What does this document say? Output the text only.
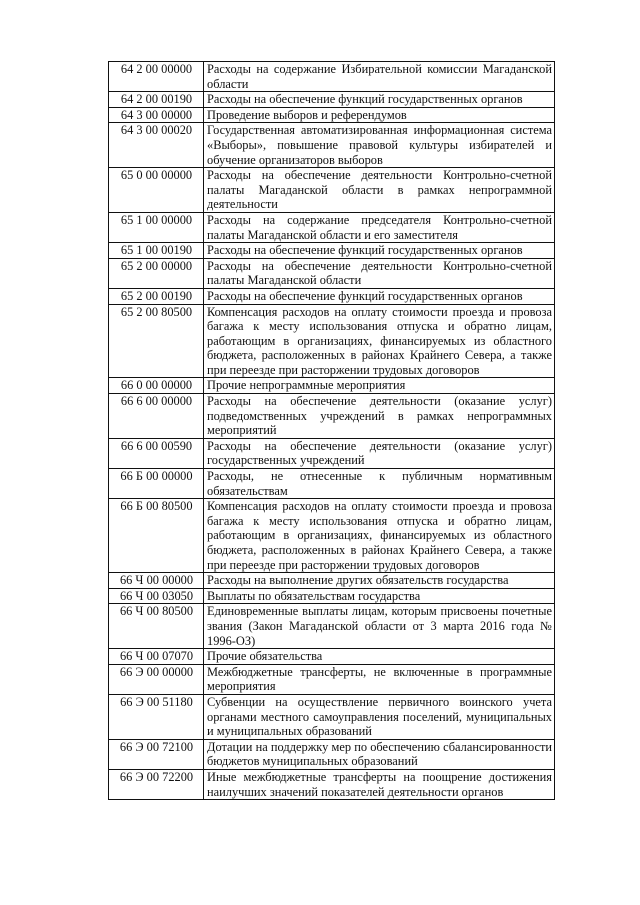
64 2 00 00000	Расходы на содержание Избирательной комиссии Магаданской области
64 2 00 00190	Расходы на обеспечение функций государственных органов
64 3 00 00000	Проведение выборов и референдумов
64 3 00 00020	Государственная автоматизированная информационная система «Выборы», повышение правовой культуры избирателей и обучение организаторов выборов
65 0 00 00000	Расходы на обеспечение деятельности Контрольно-счетной палаты Магаданской области в рамках непрограммной деятельности
65 1 00 00000	Расходы на содержание председателя Контрольно-счетной палаты Магаданской области и его заместителя
65 1 00 00190	Расходы на обеспечение функций государственных органов
65 2 00 00000	Расходы на обеспечение деятельности Контрольно-счетной палаты Магаданской области
65 2 00 00190	Расходы на обеспечение функций государственных органов
65 2 00 80500	Компенсация расходов на оплату стоимости проезда и провоза багажа к месту использования отпуска и обратно лицам, работающим в организациях, финансируемых из областного бюджета, расположенных в районах Крайнего Севера, а также при переезде при расторжении трудовых договоров
66 0 00 00000	Прочие непрограммные мероприятия
66 6 00 00000	Расходы на обеспечение деятельности (оказание услуг) подведомственных учреждений в рамках непрограммных мероприятий
66 6 00 00590	Расходы на обеспечение деятельности (оказание услуг) государственных учреждений
66 Б 00 00000	Расходы, не отнесенные к публичным нормативным обязательствам
66 Б 00 80500	Компенсация расходов на оплату стоимости проезда и провоза багажа к месту использования отпуска и обратно лицам, работающим в организациях, финансируемых из областного бюджета, расположенных в районах Крайнего Севера, а также при переезде при расторжении трудовых договоров
66 Ч 00 00000	Расходы на выполнение других обязательств государства
66 Ч 00 03050	Выплаты по обязательствам государства
66 Ч 00 80500	Единовременные выплаты лицам, которым присвоены почетные звания (Закон Магаданской области от 3 марта 2016 года № 1996-ОЗ)
66 Ч 00 07070	Прочие обязательства
66 Э 00 00000	Межбюджетные трансферты, не включенные в программные мероприятия
66 Э 00 51180	Субвенции на осуществление первичного воинского учета органами местного самоуправления поселений, муниципальных и муниципальных образований
66 Э 00 72100	Дотации на поддержку мер по обеспечению сбалансированности бюджетов муниципальных образований
66 Э 00 72200	Иные межбюджетные трансферты на поощрение достижения наилучших значений показателей деятельности органов
